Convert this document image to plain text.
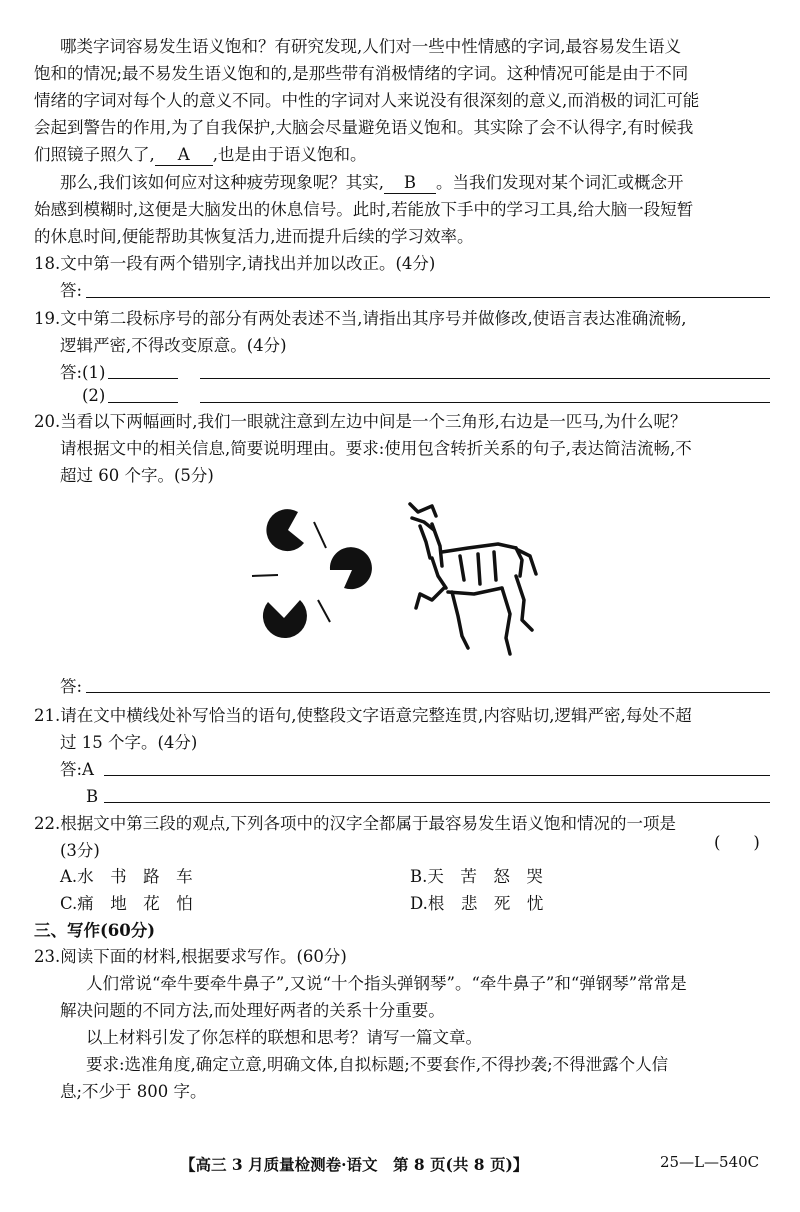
哪类字词容易发生语义饱和？有研究发现,人们对一些中性情感的字词,最容易发生语义
饱和的情况;最不易发生语义饱和的,是那些带有消极情绪的字词。这种情况可能是由于不同
情绪的字词对每个人的意义不同。中性的字词对人来说没有很深刻的意义,而消极的词汇可能
会起到警告的作用,为了自我保护,大脑会尽量避免语义饱和。其实除了会不认得字,有时候我
们照镜子照久了, A ,也是由于语义饱和。
那么,我们该如何应对这种疲劳现象呢？其实, B 。当我们发现对某个词汇或概念开
始感到模糊时,这便是大脑发出的休息信号。此时,若能放下手中的学习工具,给大脑一段短暂
的休息时间,便能帮助其恢复活力,进而提升后续的学习效率。
18.文中第一段有两个错别字,请找出并加以改正。(4分)
答:
19.文中第二段标序号的部分有两处表述不当,请指出其序号并做修改,使语言表达准确流畅,
逻辑严密,不得改变原意。(4分)
答:(1)
(2)
20.当看以下两幅画时,我们一眼就注意到左边中间是一个三角形,右边是一匹马,为什么呢？
请根据文中的相关信息,简要说明理由。要求:使用包含转折关系的句子,表达简洁流畅,不
超过 60 个字。(5分)
答:
21.请在文中横线处补写恰当的语句,使整段文字语意完整连贯,内容贴切,逻辑严密,每处不超
过 15 个字。(4分)
答:A
B
22.根据文中第三段的观点,下列各项中的汉字全都属于最容易发生语义饱和情况的一项是
(3分)	(　　)
A.水　书　路　车	B.天　苦　怒　哭
C.痛　地　花　怕	D.根　悲　死　忧
三、写作(60分)
23.阅读下面的材料,根据要求写作。(60分)
人们常说“牵牛要牵牛鼻子”,又说“十个指头弹钢琴”。“牵牛鼻子”和“弹钢琴”常常是
解决问题的不同方法,而处理好两者的关系十分重要。
以上材料引发了你怎样的联想和思考？请写一篇文章。
要求:选准角度,确定立意,明确文体,自拟标题;不要套作,不得抄袭;不得泄露个人信
息;不少于 800 字。
【高三 3 月质量检测卷·语文　第 8 页(共 8 页)】	25—L—540C
